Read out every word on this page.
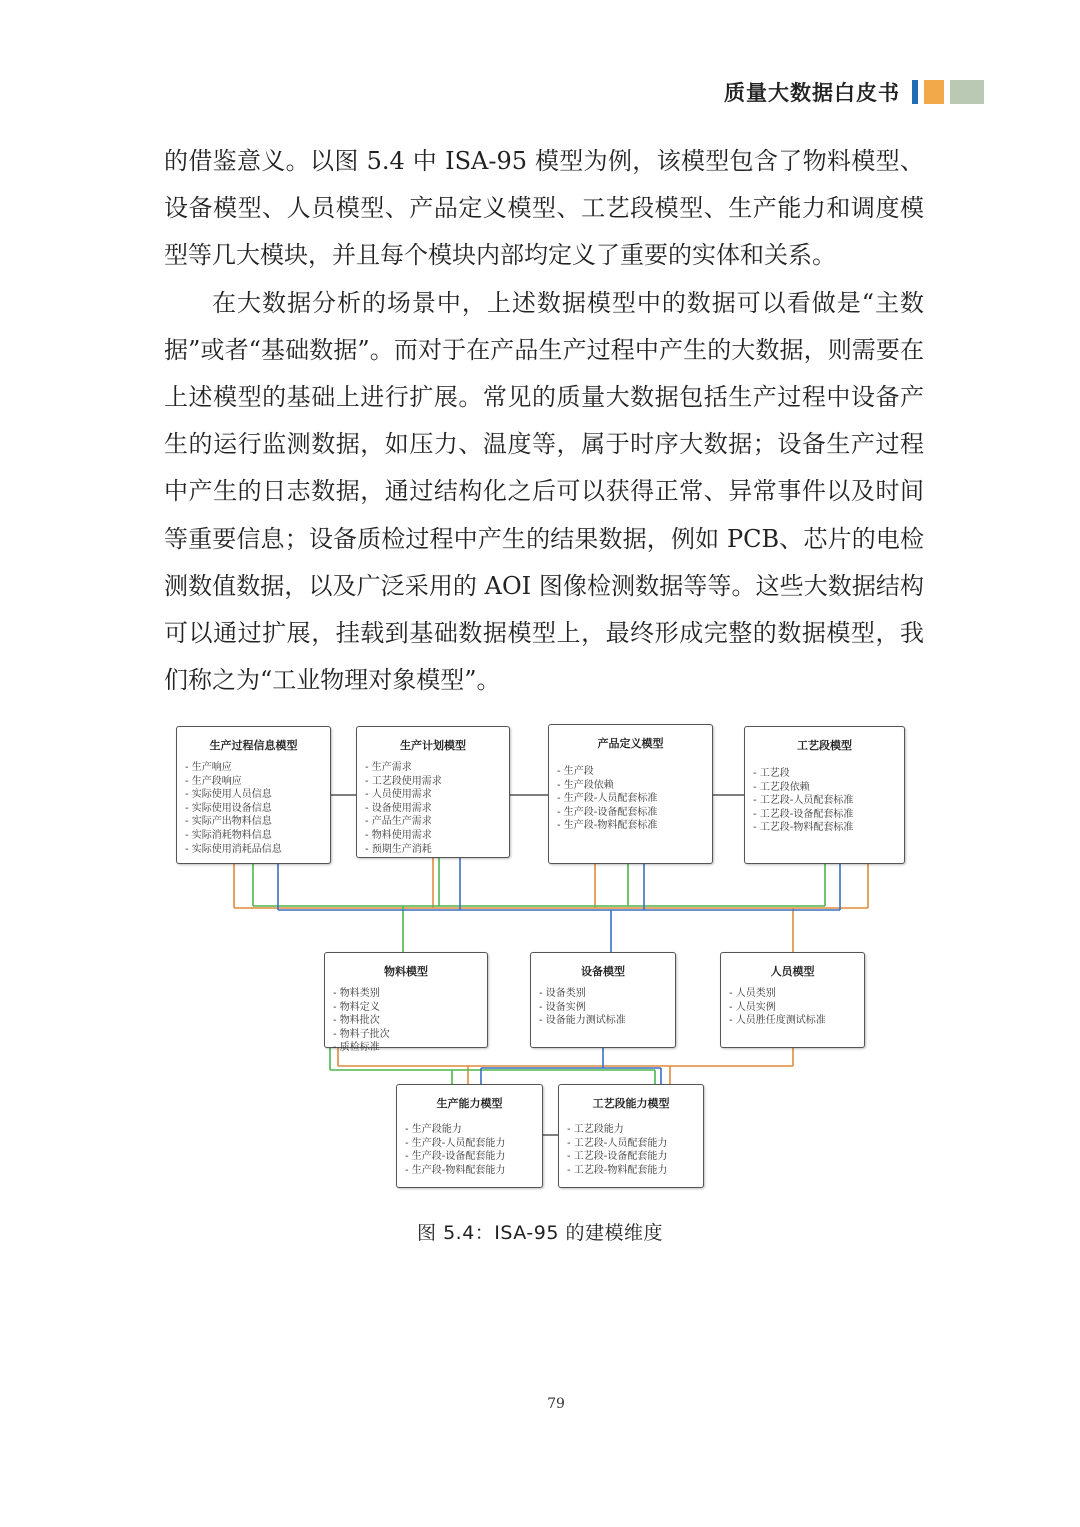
质量大数据白皮书

的借鉴意义。以图 5.4 中 ISA-95 模型为例，该模型包含了物料模型、设备模型、人员模型、产品定义模型、工艺段模型、生产能力和调度模型等几大模块，并且每个模块内部均定义了重要的实体和关系。

在大数据分析的场景中，上述数据模型中的数据可以看做是“主数据”或者“基础数据”。而对于在产品生产过程中产生的大数据，则需要在上述模型的基础上进行扩展。常见的质量大数据包括生产过程中设备产生的运行监测数据，如压力、温度等，属于时序大数据；设备生产过程中产生的日志数据，通过结构化之后可以获得正常、异常事件以及时间等重要信息；设备质检过程中产生的结果数据，例如 PCB、芯片的电检测数值数据，以及广泛采用的 AOI 图像检测数据等等。这些大数据结构可以通过扩展，挂载到基础数据模型上，最终形成完整的数据模型，我们称之为“工业物理对象模型”。

生产过程信息模型
- 生产响应
- 生产段响应
- 实际使用人员信息
- 实际使用设备信息
- 实际产出物料信息
- 实际消耗物料信息
- 实际使用消耗品信息
生产计划模型
- 生产需求
- 工艺段使用需求
- 人员使用需求
- 设备使用需求
- 产品生产需求
- 物料使用需求
- 预期生产消耗
产品定义模型
- 生产段
- 生产段依赖
- 生产段-人员配套标准
- 生产段-设备配套标准
- 生产段-物料配套标准
工艺段模型
- 工艺段
- 工艺段依赖
- 工艺段-人员配套标准
- 工艺段-设备配套标准
- 工艺段-物料配套标准
物料模型
- 物料类别
- 物料定义
- 物料批次
- 物料子批次
- 质检标准
设备模型
- 设备类别
- 设备实例
- 设备能力测试标准
人员模型
- 人员类别
- 人员实例
- 人员胜任度测试标准
生产能力模型
- 生产段能力
- 生产段-人员配套能力
- 生产段-设备配套能力
- 生产段-物料配套能力
工艺段能力模型
- 工艺段能力
- 工艺段-人员配套能力
- 工艺段-设备配套能力
- 工艺段-物料配套能力
图 5.4：ISA-95 的建模维度
79
